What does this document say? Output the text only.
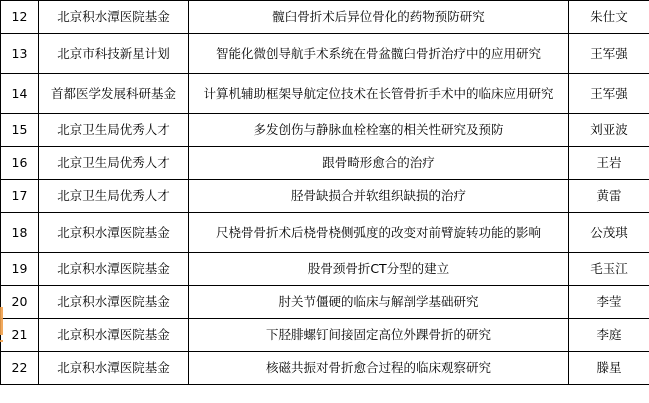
12	北京积水潭医院基金	髋臼骨折术后异位骨化的药物预防研究	朱仕文
13	北京市科技新星计划	智能化微创导航手术系统在骨盆髋臼骨折治疗中的应用研究	王军强
14	首都医学发展科研基金	计算机辅助框架导航定位技术在长管骨折手术中的临床应用研究	王军强
15	北京卫生局优秀人才	多发创伤与静脉血栓栓塞的相关性研究及预防	刘亚波
16	北京卫生局优秀人才	跟骨畸形愈合的治疗	王岩
17	北京卫生局优秀人才	胫骨缺损合并软组织缺损的治疗	黄雷
18	北京积水潭医院基金	尺桡骨骨折术后桡骨桡侧弧度的改变对前臂旋转功能的影响	公茂琪
19	北京积水潭医院基金	股骨颈骨折CT分型的建立	毛玉江
20	北京积水潭医院基金	肘关节僵硬的临床与解剖学基础研究	李莹
21	北京积水潭医院基金	下胫腓螺钉间接固定高位外踝骨折的研究	李庭
22	北京积水潭医院基金	核磁共振对骨折愈合过程的临床观察研究	滕星
